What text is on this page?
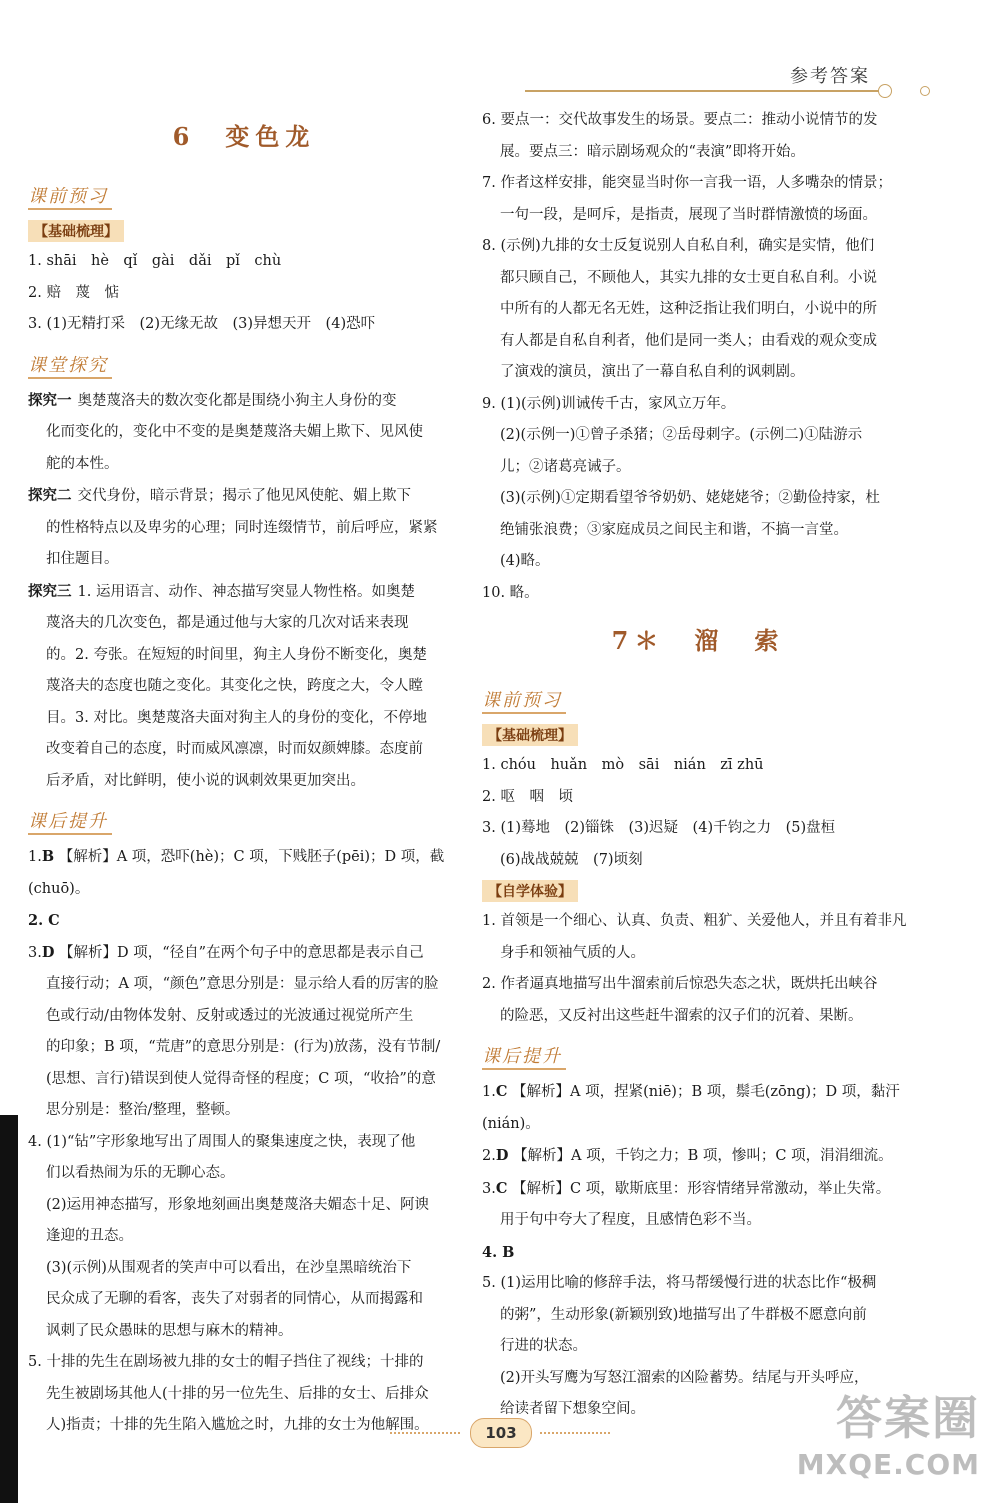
参考答案
6　变色龙
课前预习
【基础梳理】

1. shāi　hè　qǐ　gài　dǎi　pǐ　chù

2. 赔　蔑　惦

3. (1)无精打采　(2)无缘无故　(3)异想天开　(4)恐吓

课堂探究

探究一 奥楚蔑洛夫的数次变化都是围绕小狗主人身份的变

化而变化的，变化中不变的是奥楚蔑洛夫媚上欺下、见风使

舵的本性。

探究二 交代身份，暗示背景；揭示了他见风使舵、媚上欺下

的性格特点以及卑劣的心理；同时连缀情节，前后呼应，紧紧

扣住题目。

探究三 1. 运用语言、动作、神态描写突显人物性格。如奥楚

蔑洛夫的几次变色，都是通过他与大家的几次对话来表现

的。2. 夸张。在短短的时间里，狗主人身份不断变化，奥楚

蔑洛夫的态度也随之变化。其变化之快，跨度之大，令人瞠

目。3. 对比。奥楚蔑洛夫面对狗主人的身份的变化，不停地

改变着自己的态度，时而威风凛凛，时而奴颜婢膝。态度前

后矛盾，对比鲜明，使小说的讽刺效果更加突出。

课后提升

1.B 【解析】A 项，恐吓(hè)；C 项，下贱胚子(pēi)；D 项，截

(chuō)。

2. C

3.D 【解析】D 项，“径自”在两个句子中的意思都是表示自己

直接行动；A 项，“颜色”意思分别是：显示给人看的厉害的脸

色或行动/由物体发射、反射或透过的光波通过视觉所产生

的印象；B 项，“荒唐”的意思分别是：(行为)放荡，没有节制/

(思想、言行)错误到使人觉得奇怪的程度；C 项，“收拾”的意

思分别是：整治/整理，整顿。

4. (1)“钻”字形象地写出了周围人的聚集速度之快，表现了他

们以看热闹为乐的无聊心态。

(2)运用神态描写，形象地刻画出奥楚蔑洛夫媚态十足、阿谀

逢迎的丑态。

(3)(示例)从围观者的笑声中可以看出，在沙皇黑暗统治下

民众成了无聊的看客，丧失了对弱者的同情心，从而揭露和

讽刺了民众愚昧的思想与麻木的精神。

5. 十排的先生在剧场被九排的女士的帽子挡住了视线；十排的

先生被剧场其他人(十排的另一位先生、后排的女士、后排众

人)指责；十排的先生陷入尴尬之时，九排的女士为他解围。

6. 要点一：交代故事发生的场景。要点二：推动小说情节的发

展。要点三：暗示剧场观众的“表演”即将开始。

7. 作者这样安排，能突显当时你一言我一语，人多嘴杂的情景；

一句一段，是呵斥，是指责，展现了当时群情激愤的场面。

8. (示例)九排的女士反复说别人自私自利，确实是实情，他们

都只顾自己，不顾他人，其实九排的女士更自私自利。小说

中所有的人都无名无姓，这种泛指让我们明白，小说中的所

有人都是自私自利者，他们是同一类人；由看戏的观众变成

了演戏的演员，演出了一幕自私自利的讽刺剧。

9. (1)(示例)训诫传千古，家风立万年。

(2)(示例一)①曾子杀猪；②岳母刺字。(示例二)①陆游示

儿；②诸葛亮诫子。

(3)(示例)①定期看望爷爷奶奶、姥姥姥爷；②勤俭持家，杜

绝铺张浪费；③家庭成员之间民主和谐，不搞一言堂。

(4)略。

10. 略。

7＊　溜　索
课前预习
【基础梳理】

1. chóu　huǎn　mò　sāi　nián　zī zhū

2. 呕　咽　顷

3. (1)蓦地　(2)锱铢　(3)迟疑　(4)千钧之力　(5)盘桓

(6)战战兢兢　(7)顷刻

【自学体验】

1. 首领是一个细心、认真、负责、粗犷、关爱他人，并且有着非凡

身手和领袖气质的人。

2. 作者逼真地描写出牛溜索前后惊恐失态之状，既烘托出峡谷

的险恶，又反衬出这些赶牛溜索的汉子们的沉着、果断。

课后提升

1.C 【解析】A 项，捏紧(niē)；B 项，鬃毛(zōng)；D 项，黏汗

(nián)。

2.D 【解析】A 项，千钧之力；B 项，惨叫；C 项，涓涓细流。

3.C 【解析】C 项，歇斯底里：形容情绪异常激动，举止失常。

用于句中夸大了程度，且感情色彩不当。

4. B

5. (1)运用比喻的修辞手法，将马帮缓慢行进的状态比作“极稠

的粥”，生动形象(新颖别致)地描写出了牛群极不愿意向前

行进的状态。

(2)开头写鹰为写怒江溜索的凶险蓄势。结尾与开头呼应，

给读者留下想象空间。

103	答案圈
MXQE.COM
